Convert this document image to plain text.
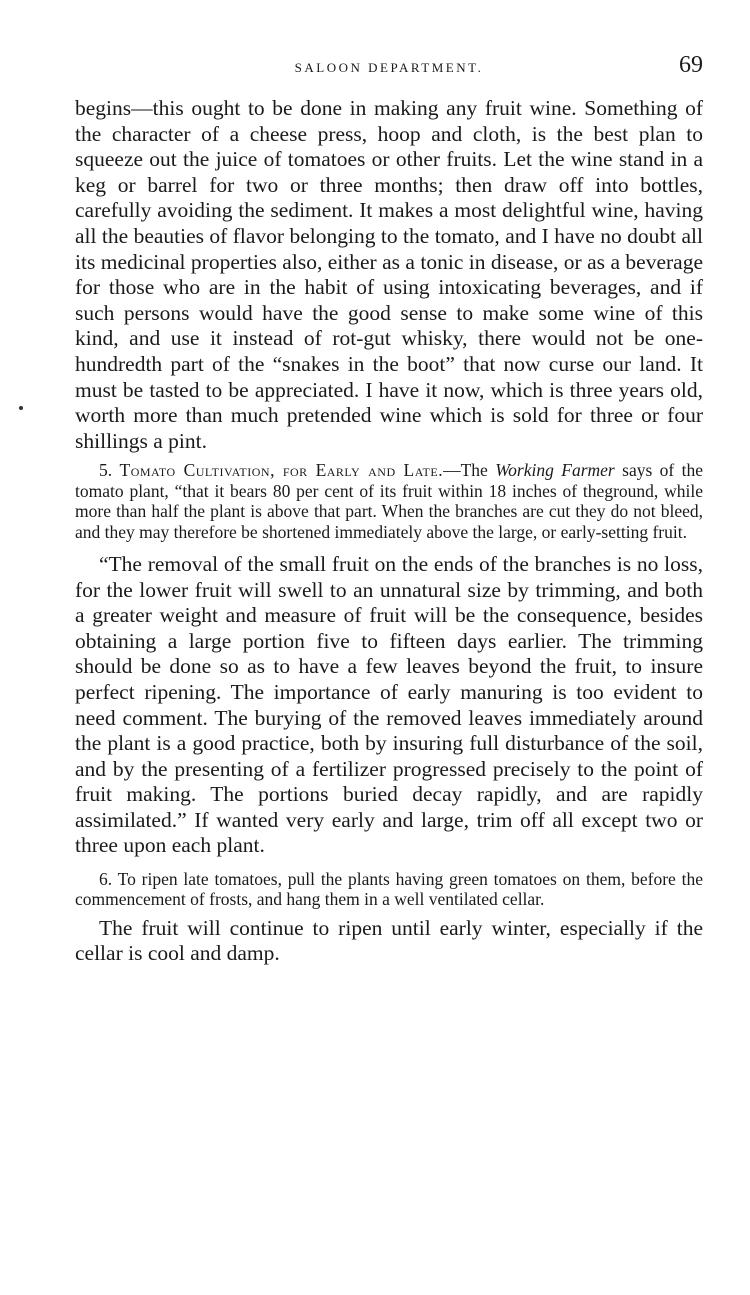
SALOON DEPARTMENT.	69

begins—this ought to be done in making any fruit wine. Something of the character of a cheese press, hoop and cloth, is the best plan to squeeze out the juice of tomatoes or other fruits. Let the wine stand in a keg or barrel for two or three months; then draw off into bottles, carefully avoiding the sediment. It makes a most delightful wine, having all the beauties of flavor belonging to the tomato, and I have no doubt all its medicinal properties also, either as a tonic in disease, or as a beverage for those who are in the habit of using intoxicating beverages, and if such persons would have the good sense to make some wine of this kind, and use it instead of rot-gut whisky, there would not be one-hundredth part of the “snakes in the boot” that now curse our land. It must be tasted to be appreciated. I have it now, which is three years old, worth more than much pretended wine which is sold for three or four shillings a pint.

5. Tomato Cultivation, for Early and Late.—The Working Farmer says of the tomato plant, “that it bears 80 per cent of its fruit within 18 inches of theground, while more than half the plant is above that part. When the branches are cut they do not bleed, and they may therefore be shortened immediately above the large, or early-setting fruit.

“The removal of the small fruit on the ends of the branches is no loss, for the lower fruit will swell to an unnatural size by trimming, and both a greater weight and measure of fruit will be the consequence, besides obtaining a large portion five to fifteen days earlier. The trimming should be done so as to have a few leaves beyond the fruit, to insure perfect ripening. The importance of early manuring is too evident to need comment. The burying of the removed leaves immediately around the plant is a good practice, both by insuring full disturbance of the soil, and by the presenting of a fertilizer progressed precisely to the point of fruit making. The portions buried decay rapidly, and are rapidly assimilated.” If wanted very early and large, trim off all except two or three upon each plant.

6. To ripen late tomatoes, pull the plants having green tomatoes on them, before the commencement of frosts, and hang them in a well ventilated cellar.

The fruit will continue to ripen until early winter, especially if the cellar is cool and damp.
